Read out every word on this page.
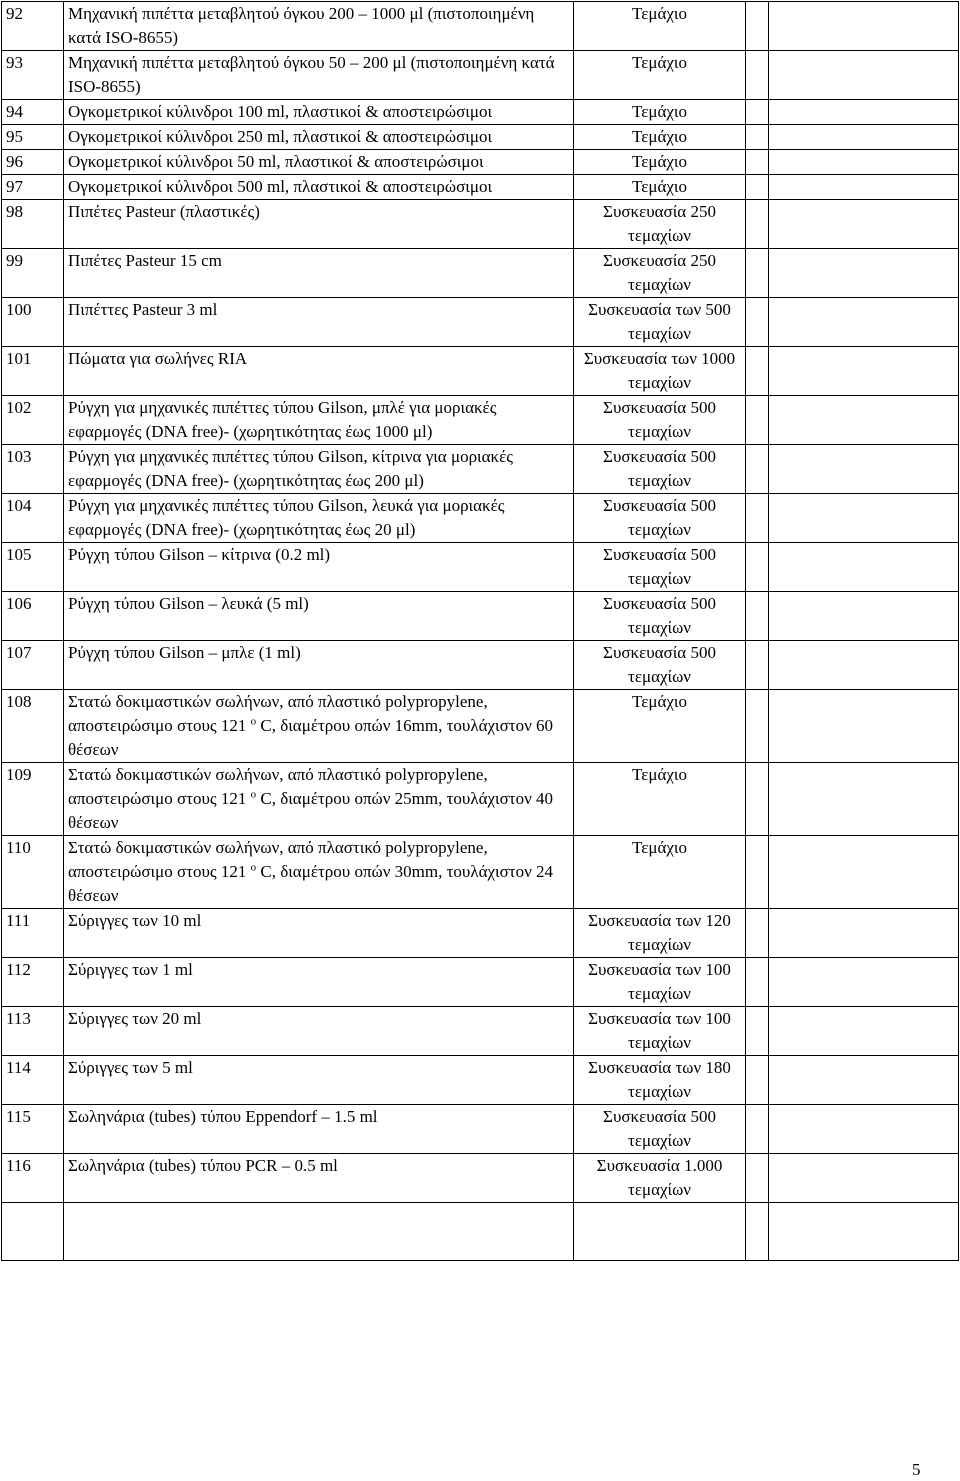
92	Μηχανική πιπέττα μεταβλητού όγκου 200 – 1000 μl (πιστοποιημένη κατά ISO-8655)	Τεμάχιο		
93	Μηχανική πιπέττα μεταβλητού όγκου 50 – 200 μl (πιστοποιημένη κατά ISO-8655)	Τεμάχιο		
94	Ογκομετρικοί κύλινδροι 100 ml, πλαστικοί & αποστειρώσιμοι	Τεμάχιο		
95	Ογκομετρικοί κύλινδροι 250 ml, πλαστικοί & αποστειρώσιμοι	Τεμάχιο		
96	Ογκομετρικοί κύλινδροι 50 ml, πλαστικοί & αποστειρώσιμοι	Τεμάχιο		
97	Ογκομετρικοί κύλινδροι 500 ml, πλαστικοί & αποστειρώσιμοι	Τεμάχιο		
98	Πιπέτες Pasteur (πλαστικές)	Συσκευασία 250 τεμαχίων		
99	Πιπέτες Pasteur 15 cm	Συσκευασία 250 τεμαχίων		
100	Πιπέττες Pasteur 3 ml	Συσκευασία των 500 τεμαχίων		
101	Πώματα για σωλήνες RIA	Συσκευασία των 1000 τεμαχίων		
102	Ρύγχη για μηχανικές πιπέττες τύπου Gilson, μπλέ για μοριακές εφαρμογές (DNA free)- (χωρητικότητας έως 1000 μl)	Συσκευασία 500 τεμαχίων		
103	Ρύγχη για μηχανικές πιπέττες τύπου Gilson, κίτρινα για μοριακές εφαρμογές (DNA free)- (χωρητικότητας έως 200 μl)	Συσκευασία 500 τεμαχίων		
104	Ρύγχη για μηχανικές πιπέττες τύπου Gilson, λευκά για μοριακές εφαρμογές (DNA free)- (χωρητικότητας έως 20 μl)	Συσκευασία 500 τεμαχίων		
105	Ρύγχη τύπου Gilson – κίτρινα (0.2 ml)	Συσκευασία 500 τεμαχίων		
106	Ρύγχη τύπου Gilson – λευκά (5 ml)	Συσκευασία 500 τεμαχίων		
107	Ρύγχη τύπου Gilson – μπλε (1 ml)	Συσκευασία 500 τεμαχίων		
108	Στατώ δοκιμαστικών σωλήνων, από πλαστικό polypropylene, αποστειρώσιμο στους 121 $^o$ C, διαμέτρου οπών 16mm, τουλάχιστον 60 θέσεων	Τεμάχιο		
109	Στατώ δοκιμαστικών σωλήνων, από πλαστικό polypropylene, αποστειρώσιμο στους 121 $^o$ C, διαμέτρου οπών 25mm, τουλάχιστον 40 θέσεων	Τεμάχιο		
110	Στατώ δοκιμαστικών σωλήνων, από πλαστικό polypropylene, αποστειρώσιμο στους 121 $^o$ C, διαμέτρου οπών 30mm, τουλάχιστον 24 θέσεων	Τεμάχιο		
111	Σύριγγες των 10 ml	Συσκευασία των 120 τεμαχίων		
112	Σύριγγες των 1 ml	Συσκευασία των 100 τεμαχίων		
113	Σύριγγες των 20 ml	Συσκευασία των 100 τεμαχίων		
114	Σύριγγες των 5 ml	Συσκευασία των 180 τεμαχίων		
115	Σωληνάρια (tubes) τύπου Eppendorf – 1.5 ml	Συσκευασία 500 τεμαχίων		
116	Σωληνάρια (tubes) τύπου PCR – 0.5 ml	Συσκευασία 1.000 τεμαχίων		

5
